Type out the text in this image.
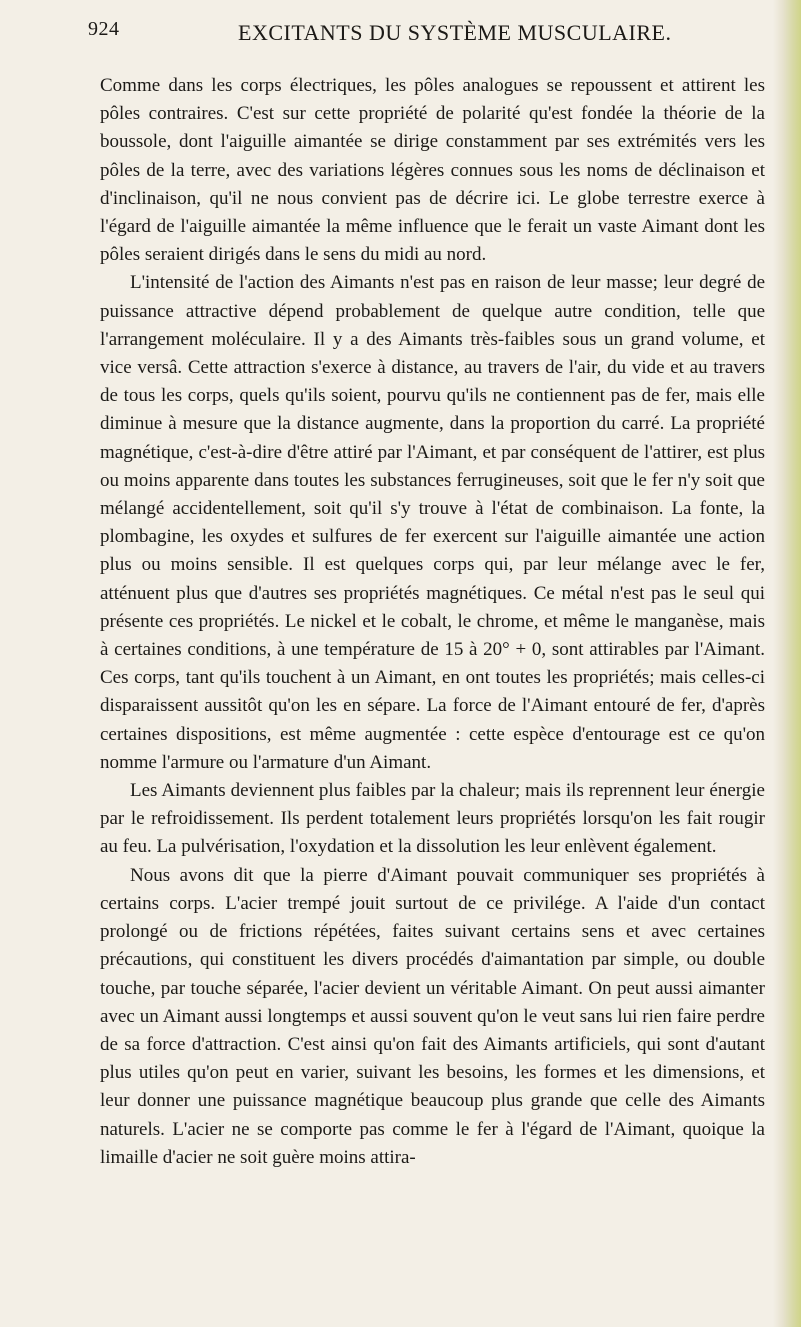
924	EXCITANTS DU SYSTÈME MUSCULAIRE.

Comme dans les corps électriques, les pôles analogues se repoussent et attirent les pôles contraires. C'est sur cette propriété de polarité qu'est fondée la théorie de la boussole, dont l'aiguille aimantée se dirige constamment par ses extrémités vers les pôles de la terre, avec des variations légères connues sous les noms de déclinaison et d'inclinaison, qu'il ne nous convient pas de décrire ici. Le globe terrestre exerce à l'égard de l'aiguille aimantée la même influence que le ferait un vaste Aimant dont les pôles seraient dirigés dans le sens du midi au nord.

L'intensité de l'action des Aimants n'est pas en raison de leur masse; leur degré de puissance attractive dépend probablement de quelque autre condition, telle que l'arrangement moléculaire. Il y a des Aimants très-faibles sous un grand volume, et vice versâ. Cette attraction s'exerce à distance, au travers de l'air, du vide et au travers de tous les corps, quels qu'ils soient, pourvu qu'ils ne contiennent pas de fer, mais elle diminue à mesure que la distance augmente, dans la proportion du carré. La propriété magnétique, c'est-à-dire d'être attiré par l'Aimant, et par conséquent de l'attirer, est plus ou moins apparente dans toutes les substances ferrugineuses, soit que le fer n'y soit que mélangé accidentellement, soit qu'il s'y trouve à l'état de combinaison. La fonte, la plombagine, les oxydes et sulfures de fer exercent sur l'aiguille aimantée une action plus ou moins sensible. Il est quelques corps qui, par leur mélange avec le fer, atténuent plus que d'autres ses propriétés magnétiques. Ce métal n'est pas le seul qui présente ces propriétés. Le nickel et le cobalt, le chrome, et même le manganèse, mais à certaines conditions, à une température de 15 à 20° + 0, sont attirables par l'Aimant. Ces corps, tant qu'ils touchent à un Aimant, en ont toutes les propriétés; mais celles-ci disparaissent aussitôt qu'on les en sépare. La force de l'Aimant entouré de fer, d'après certaines dispositions, est même augmentée : cette espèce d'entourage est ce qu'on nomme l'armure ou l'armature d'un Aimant.

Les Aimants deviennent plus faibles par la chaleur; mais ils reprennent leur énergie par le refroidissement. Ils perdent totalement leurs propriétés lorsqu'on les fait rougir au feu. La pulvérisation, l'oxydation et la dissolution les leur enlèvent également.

Nous avons dit que la pierre d'Aimant pouvait communiquer ses propriétés à certains corps. L'acier trempé jouit surtout de ce privilége. A l'aide d'un contact prolongé ou de frictions répétées, faites suivant certains sens et avec certaines précautions, qui constituent les divers procédés d'aimantation par simple, ou double touche, par touche séparée, l'acier devient un véritable Aimant. On peut aussi aimanter avec un Aimant aussi longtemps et aussi souvent qu'on le veut sans lui rien faire perdre de sa force d'attraction. C'est ainsi qu'on fait des Aimants artificiels, qui sont d'autant plus utiles qu'on peut en varier, suivant les besoins, les formes et les dimensions, et leur donner une puissance magnétique beaucoup plus grande que celle des Aimants naturels. L'acier ne se comporte pas comme le fer à l'égard de l'Aimant, quoique la limaille d'acier ne soit guère moins attira-
